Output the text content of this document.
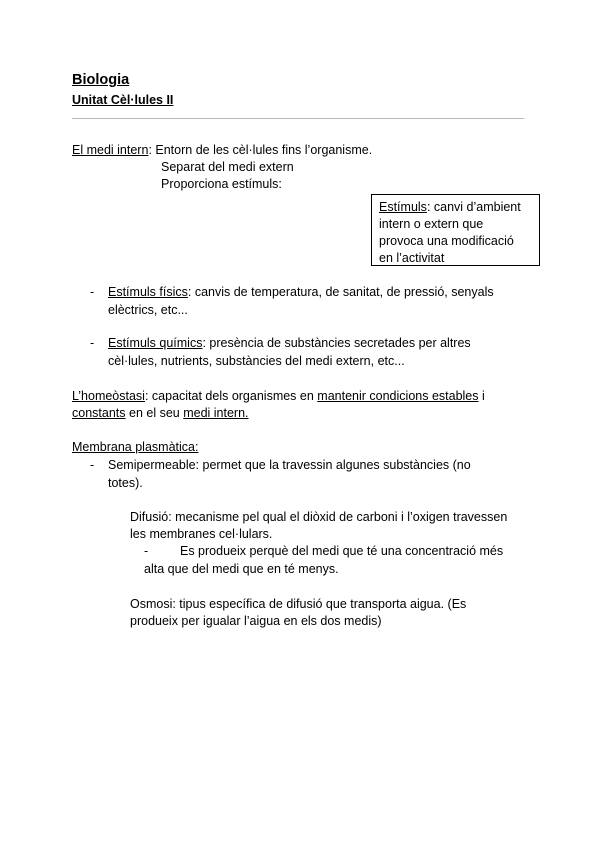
Biologia
Unitat Cèl·lules II
El medi intern: Entorn de les cèl·lules fins l’organisme.
Separat del medi extern
Proporciona estímuls:
Estímuls: canvi d’ambient
intern o extern que
provoca una modificació
en l’activitat
- Estímuls físics: canvis de temperatura, de sanitat, de pressió, senyals
elèctrics, etc...
- Estímuls químics: presència de substàncies secretades per altres
cèl·lules, nutrients, substàncies del medi extern, etc...
L’homeòstasi: capacitat dels organismes en mantenir condicions estables i
constants en el seu medi intern.
Membrana plasmàtica:
- Semipermeable: permet que la travessin algunes substàncies (no
totes).
Difusió: mecanisme pel qual el diòxid de carboni i l’oxigen travessen
les membranes cel·lulars.
-	Es produeix perquè del medi que té una concentració més
alta que del medi que en té menys.
Osmosi: tipus específica de difusió que transporta aigua. (Es
produeix per igualar l’aigua en els dos medis)
